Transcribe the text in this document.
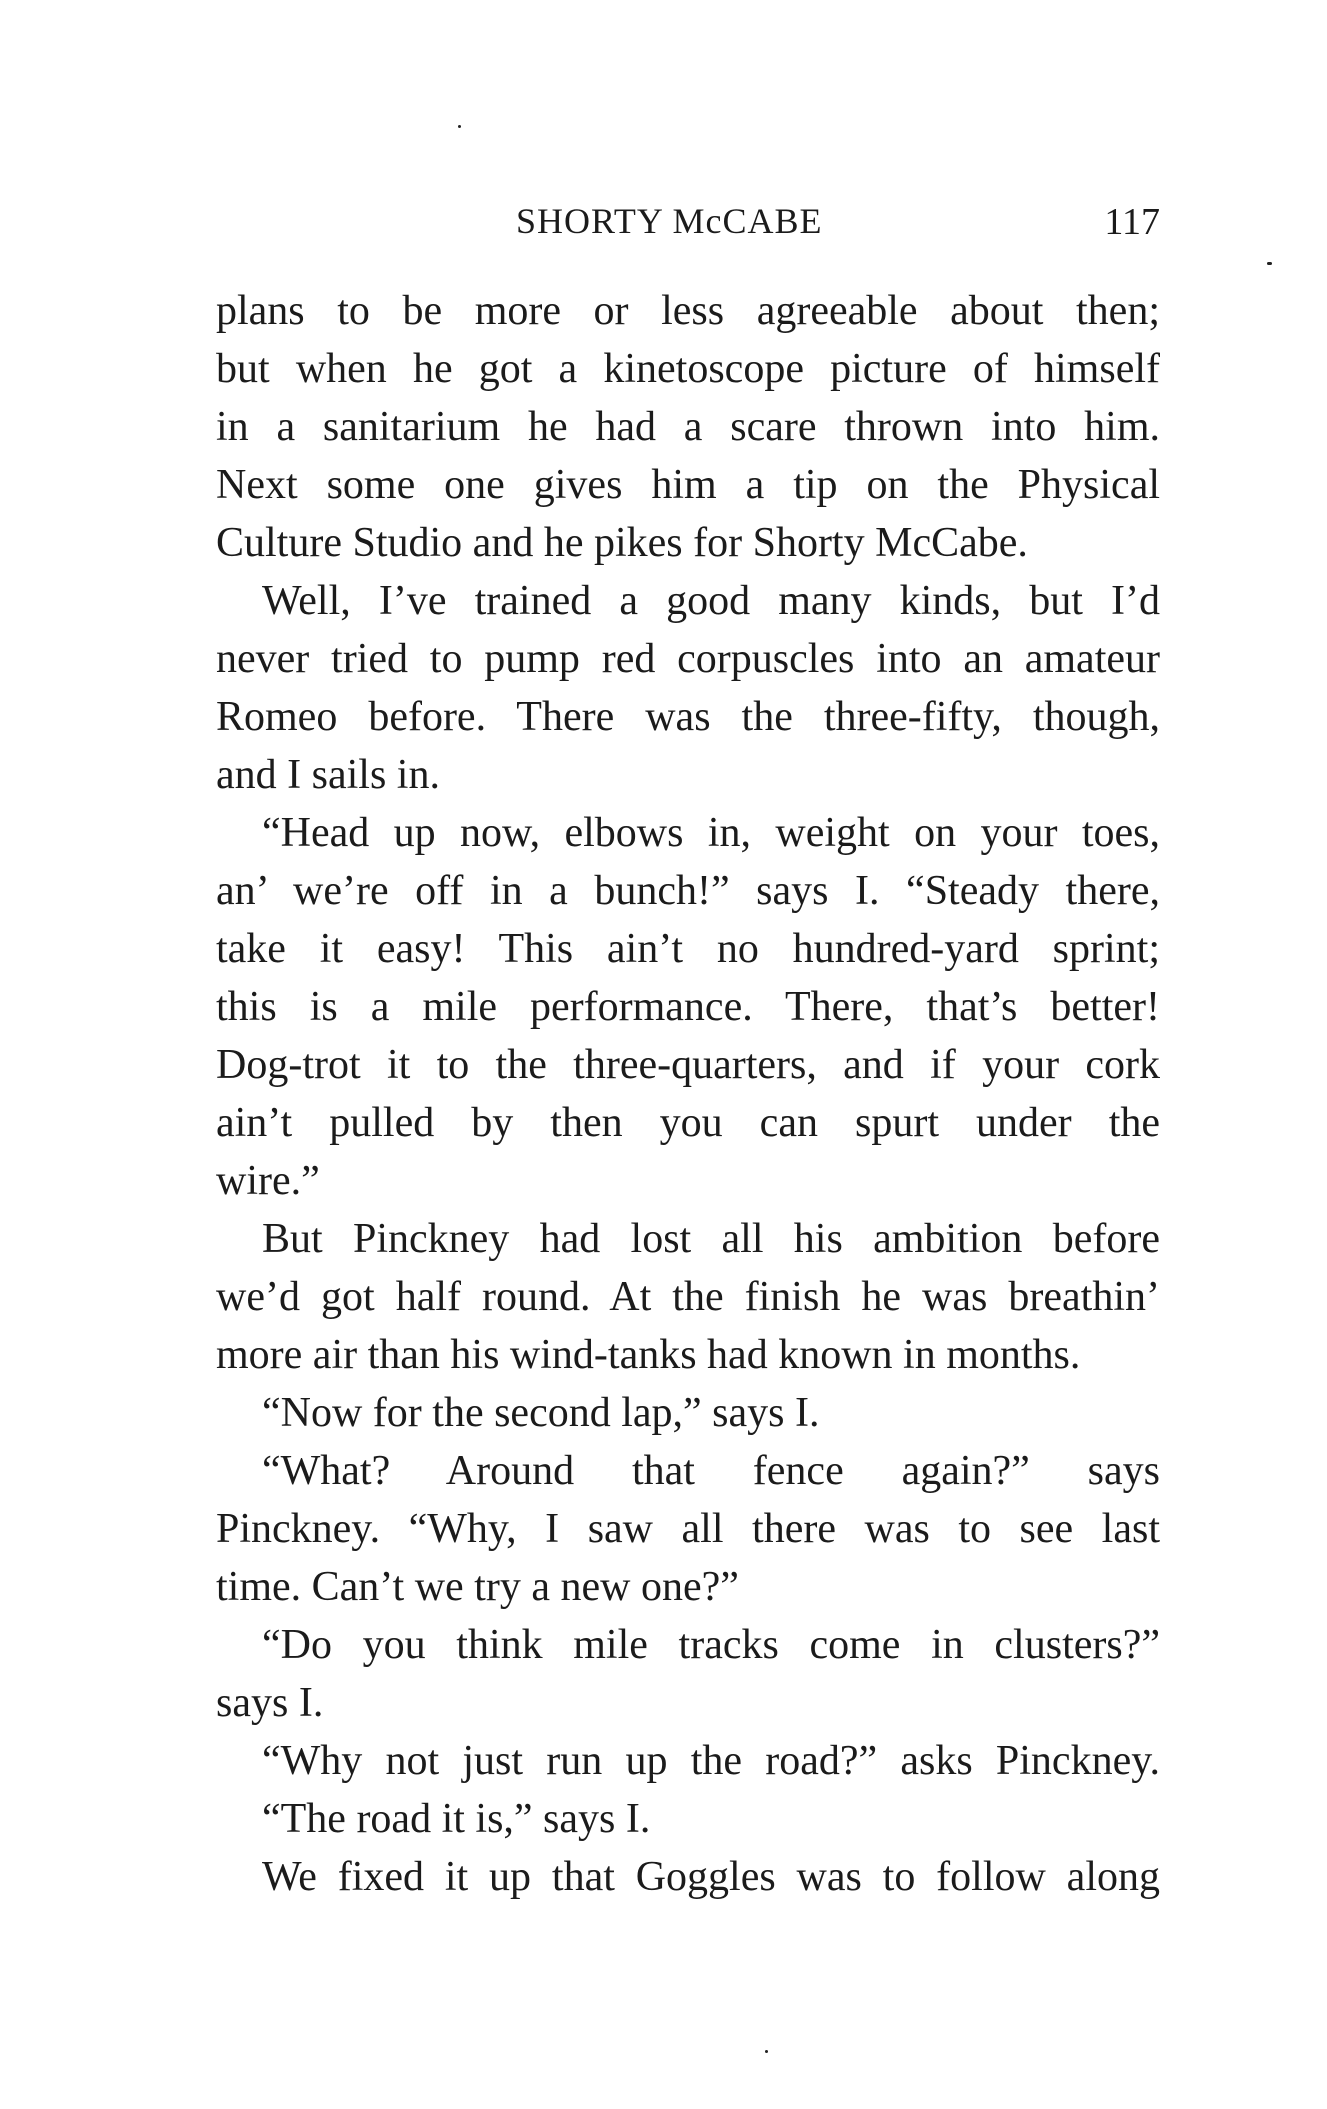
SHORTY McCABE	117
plans to be more or less agreeable about then;
but when he got a kinetoscope picture of himself
in a sanitarium he had a scare thrown into him.
Next some one gives him a tip on the Physical
Culture Studio and he pikes for Shorty McCabe.
Well, I’ve trained a good many kinds, but I’d
never tried to pump red corpuscles into an amateur
Romeo before. There was the three-fifty, though,
and I sails in.
“Head up now, elbows in, weight on your toes,
an’ we’re off in a bunch!” says I. “Steady there,
take it easy! This ain’t no hundred-yard sprint;
this is a mile performance. There, that’s better!
Dog-trot it to the three-quarters, and if your cork
ain’t pulled by then you can spurt under the
wire.”
But Pinckney had lost all his ambition before
we’d got half round. At the finish he was breathin’
more air than his wind-tanks had known in months.
“Now for the second lap,” says I.
“What? Around that fence again?” says
Pinckney. “Why, I saw all there was to see last
time. Can’t we try a new one?”
“Do you think mile tracks come in clusters?”
says I.
“Why not just run up the road?” asks Pinckney.
“The road it is,” says I.
We fixed it up that Goggles was to follow along
